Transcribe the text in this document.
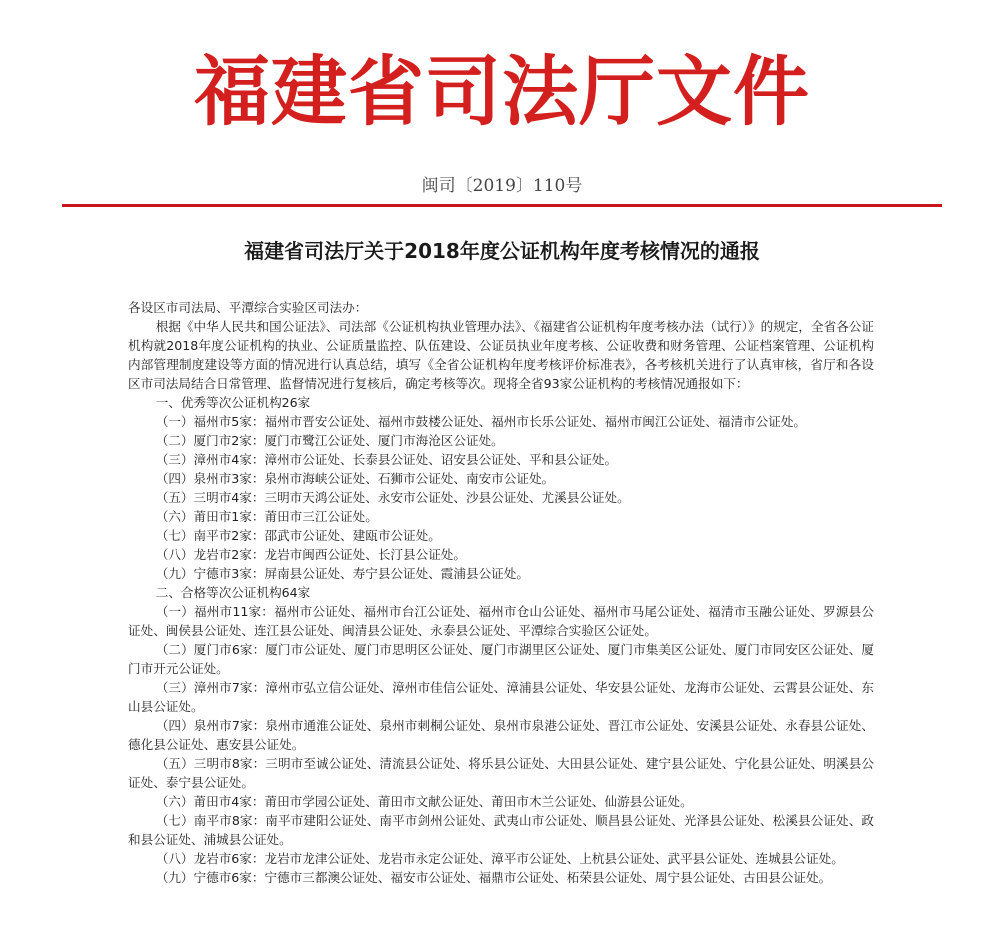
福建省司法厅文件
闽司〔2019〕110号
福建省司法厅关于2018年度公证机构年度考核情况的通报

各设区市司法局、平潭综合实验区司法办：

根据《中华人民共和国公证法》、司法部《公证机构执业管理办法》、《福建省公证机构年度考核办法（试行）》的规定，全省各公证机构就2018年度公证机构的执业、公证质量监控、队伍建设、公证员执业年度考核、公证收费和财务管理、公证档案管理、公证机构内部管理制度建设等方面的情况进行认真总结，填写《全省公证机构年度考核评价标准表》，各考核机关进行了认真审核，省厅和各设区市司法局结合日常管理、监督情况进行复核后，确定考核等次。现将全省93家公证机构的考核情况通报如下：

一、优秀等次公证机构26家

（一）福州市5家：福州市晋安公证处、福州市鼓楼公证处、福州市长乐公证处、福州市闽江公证处、福清市公证处。

（二）厦门市2家：厦门市鹭江公证处、厦门市海沧区公证处。

（三）漳州市4家：漳州市公证处、长泰县公证处、诏安县公证处、平和县公证处。

（四）泉州市3家：泉州市海峡公证处、石狮市公证处、南安市公证处。

（五）三明市4家：三明市天鸿公证处、永安市公证处、沙县公证处、尤溪县公证处。

（六）莆田市1家：莆田市三江公证处。

（七）南平市2家：邵武市公证处、建瓯市公证处。

（八）龙岩市2家：龙岩市闽西公证处、长汀县公证处。

（九）宁德市3家：屏南县公证处、寿宁县公证处、霞浦县公证处。

二、合格等次公证机构64家

（一）福州市11家：福州市公证处、福州市台江公证处、福州市仓山公证处、福州市马尾公证处、福清市玉融公证处、罗源县公证处、闽侯县公证处、连江县公证处、闽清县公证处、永泰县公证处、平潭综合实验区公证处。

（二）厦门市6家：厦门市公证处、厦门市思明区公证处、厦门市湖里区公证处、厦门市集美区公证处、厦门市同安区公证处、厦门市开元公证处。

（三）漳州市7家：漳州市弘立信公证处、漳州市佳信公证处、漳浦县公证处、华安县公证处、龙海市公证处、云霄县公证处、东山县公证处。

（四）泉州市7家：泉州市通淮公证处、泉州市刺桐公证处、泉州市泉港公证处、晋江市公证处、安溪县公证处、永春县公证处、德化县公证处、惠安县公证处。

（五）三明市8家：三明市至诚公证处、清流县公证处、将乐县公证处、大田县公证处、建宁县公证处、宁化县公证处、明溪县公证处、泰宁县公证处。

（六）莆田市4家：莆田市学园公证处、莆田市文献公证处、莆田市木兰公证处、仙游县公证处。

（七）南平市8家：南平市建阳公证处、南平市剑州公证处、武夷山市公证处、顺昌县公证处、光泽县公证处、松溪县公证处、政和县公证处、浦城县公证处。

（八）龙岩市6家：龙岩市龙津公证处、龙岩市永定公证处、漳平市公证处、上杭县公证处、武平县公证处、连城县公证处。

（九）宁德市6家：宁德市三都澳公证处、福安市公证处、福鼎市公证处、柘荣县公证处、周宁县公证处、古田县公证处。
